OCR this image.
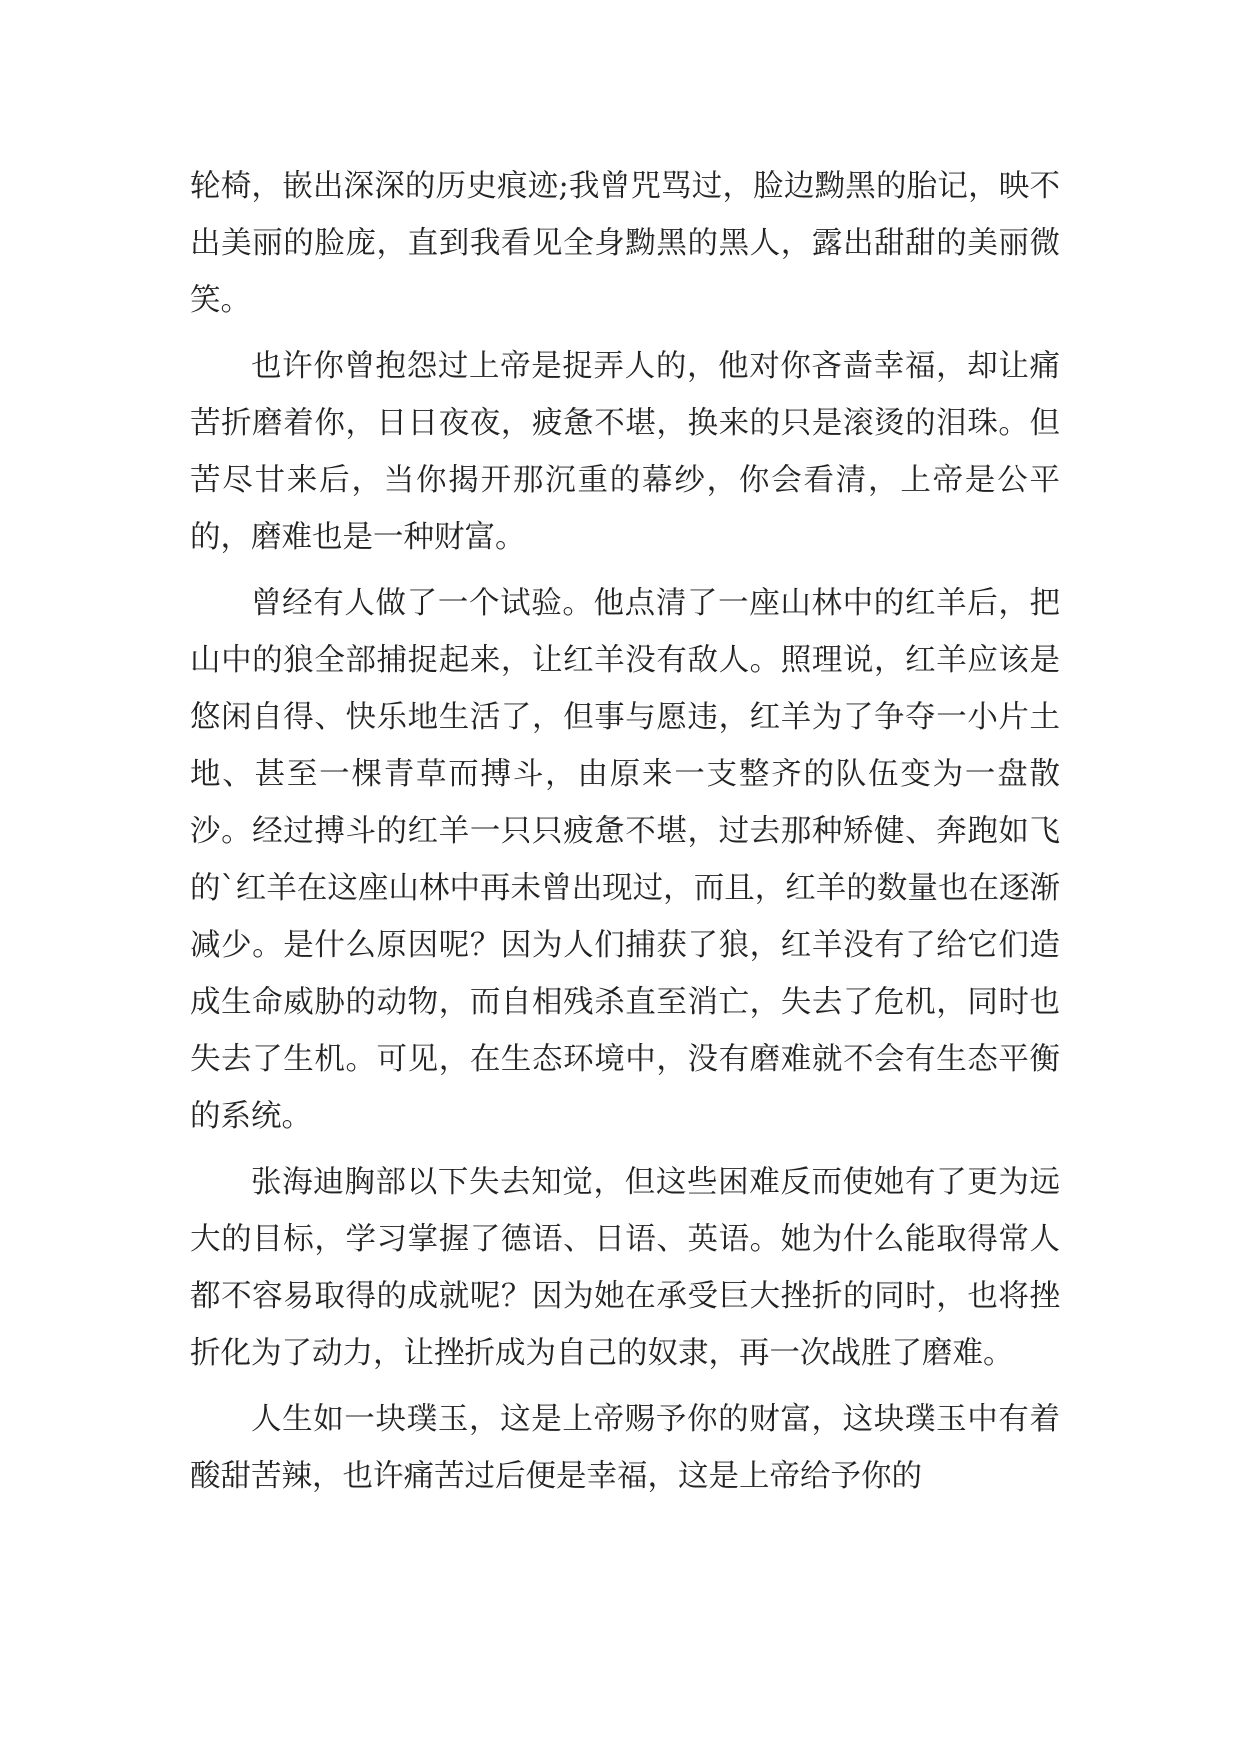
轮椅，嵌出深深的历史痕迹;我曾咒骂过，脸边黝黑的胎记，映不出美丽的脸庞，直到我看见全身黝黑的黑人，露出甜甜的美丽微笑。

也许你曾抱怨过上帝是捉弄人的，他对你吝啬幸福，却让痛苦折磨着你，日日夜夜，疲惫不堪，换来的只是滚烫的泪珠。但苦尽甘来后，当你揭开那沉重的幕纱，你会看清，上帝是公平的，磨难也是一种财富。

曾经有人做了一个试验。他点清了一座山林中的红羊后，把山中的狼全部捕捉起来，让红羊没有敌人。照理说，红羊应该是悠闲自得、快乐地生活了，但事与愿违，红羊为了争夺一小片土地、甚至一棵青草而搏斗，由原来一支整齐的队伍变为一盘散沙。经过搏斗的红羊一只只疲惫不堪，过去那种矫健、奔跑如飞的`红羊在这座山林中再未曾出现过，而且，红羊的数量也在逐渐减少。是什么原因呢？因为人们捕获了狼，红羊没有了给它们造成生命威胁的动物，而自相残杀直至消亡，失去了危机，同时也失去了生机。可见，在生态环境中，没有磨难就不会有生态平衡的系统。

张海迪胸部以下失去知觉，但这些困难反而使她有了更为远大的目标，学习掌握了德语、日语、英语。她为什么能取得常人都不容易取得的成就呢？因为她在承受巨大挫折的同时，也将挫折化为了动力，让挫折成为自己的奴隶，再一次战胜了磨难。

人生如一块璞玉，这是上帝赐予你的财富，这块璞玉中有着酸甜苦辣，也许痛苦过后便是幸福，这是上帝给予你的
